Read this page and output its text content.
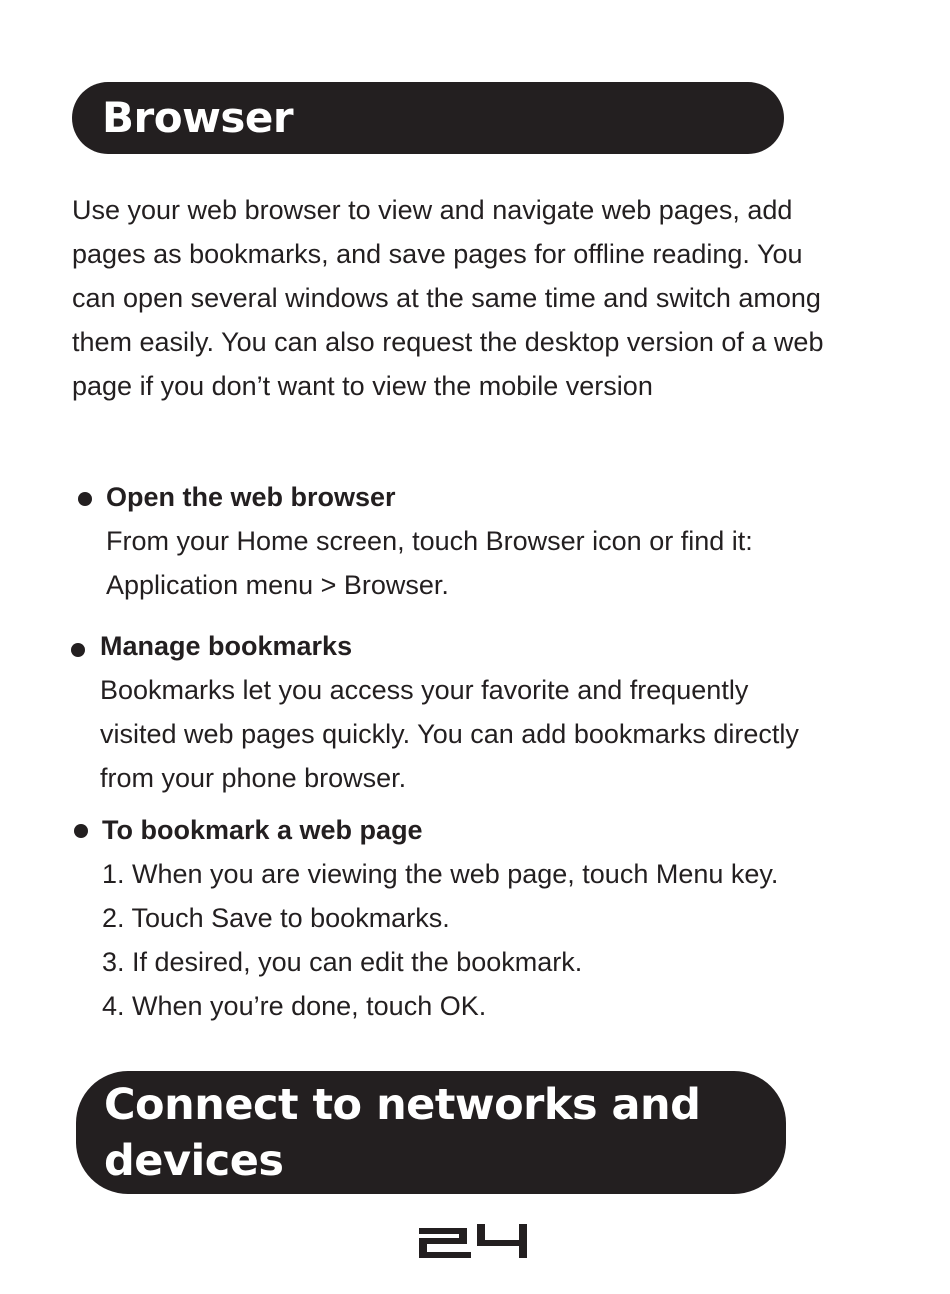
Browser

Use your web browser to view and navigate web pages, add pages as bookmarks, and save pages for offline reading. You can open several windows at the same time and switch among them easily. You can also request the desktop version of a web page if you don’t want to view the mobile version

Open the web browser
From your Home screen, touch Browser icon or find it:
Application menu > Browser.
Manage bookmarks
Bookmarks let you access your favorite and frequently
visited web pages quickly. You can add bookmarks directly
from your phone browser.
To bookmark a web page
1. When you are viewing the web page, touch Menu key.
2. Touch Save to bookmarks.
3. If desired, you can edit the bookmark.
4. When you’re done, touch OK.
Connect to networks and
devices
